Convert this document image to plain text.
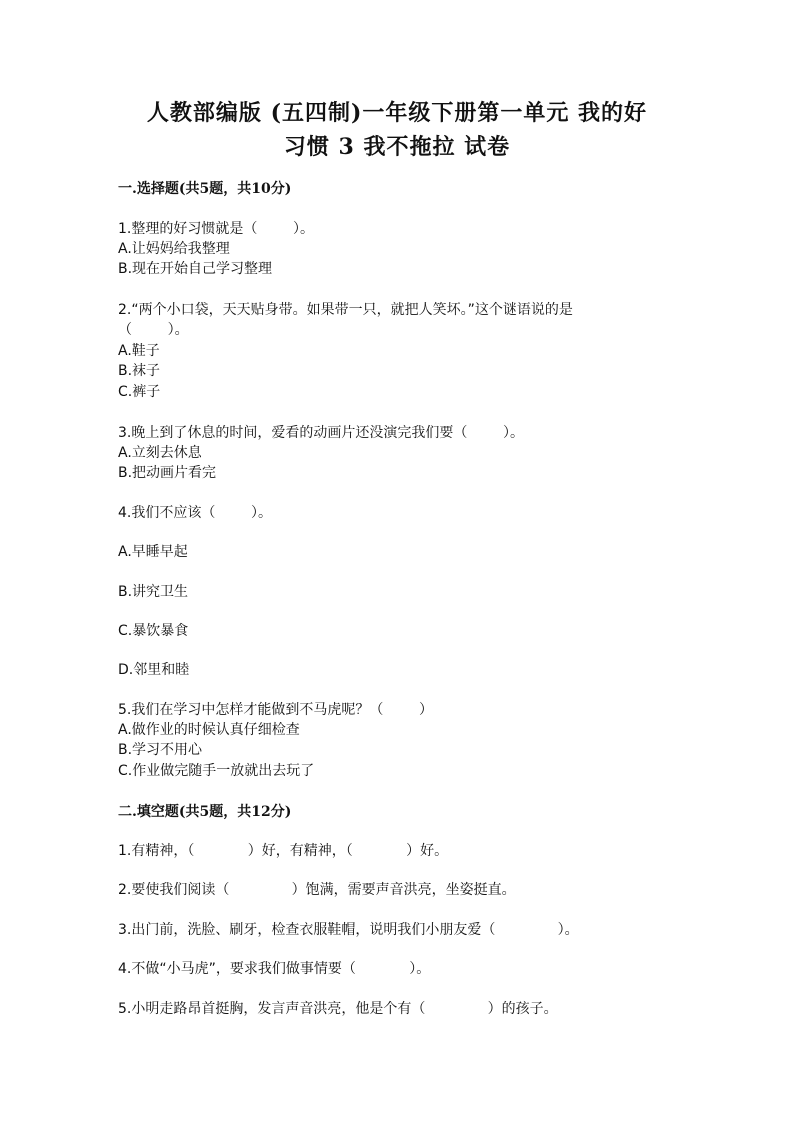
人教部编版 (五四制)一年级下册第一单元 我的好
习惯 3 我不拖拉 试卷
一.选择题(共5题，共10分)
1.整理的好习惯就是（        ）。
A.让妈妈给我整理
B.现在开始自己学习整理
2.“两个小口袋，天天贴身带。如果带一只，就把人笑坏。”这个谜语说的是
（        ）。
A.鞋子
B.袜子
C.裤子
3.晚上到了休息的时间，爱看的动画片还没演完我们要（        ）。
A.立刻去休息
B.把动画片看完
4.我们不应该（        ）。
A.早睡早起
B.讲究卫生
C.暴饮暴食
D.邻里和睦
5.我们在学习中怎样才能做到不马虎呢？（        ）
A.做作业的时候认真仔细检查
B.学习不用心
C.作业做完随手一放就出去玩了
二.填空题(共5题，共12分)
1.有精神，（            ）好，有精神，（            ）好。
2.要使我们阅读（              ）饱满，需要声音洪亮，坐姿挺直。
3.出门前，洗脸、刷牙，检查衣服鞋帽，说明我们小朋友爱（              ）。
4.不做“小马虎”，要求我们做事情要（            ）。
5.小明走路昂首挺胸，发言声音洪亮，他是个有（              ）的孩子。
